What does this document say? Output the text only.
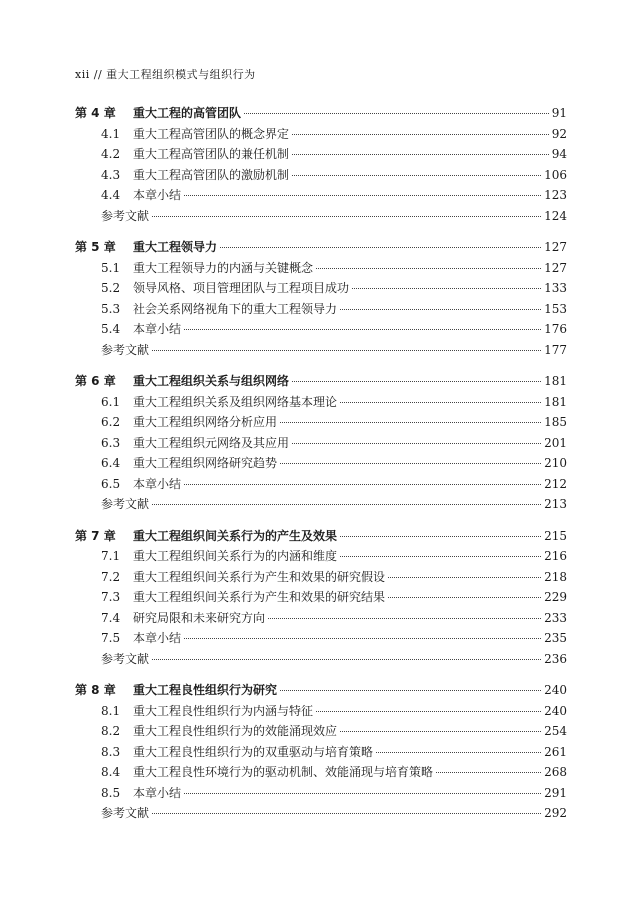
xii // 重大工程组织模式与组织行为
第 4 章	重大工程的高管团队	91
4.1	重大工程高管团队的概念界定	92
4.2	重大工程高管团队的兼任机制	94
4.3	重大工程高管团队的激励机制	106
4.4	本章小结	123
参考文献	124
第 5 章	重大工程领导力	127
5.1	重大工程领导力的内涵与关键概念	127
5.2	领导风格、项目管理团队与工程项目成功	133
5.3	社会关系网络视角下的重大工程领导力	153
5.4	本章小结	176
参考文献	177
第 6 章	重大工程组织关系与组织网络	181
6.1	重大工程组织关系及组织网络基本理论	181
6.2	重大工程组织网络分析应用	185
6.3	重大工程组织元网络及其应用	201
6.4	重大工程组织网络研究趋势	210
6.5	本章小结	212
参考文献	213
第 7 章	重大工程组织间关系行为的产生及效果	215
7.1	重大工程组织间关系行为的内涵和维度	216
7.2	重大工程组织间关系行为产生和效果的研究假设	218
7.3	重大工程组织间关系行为产生和效果的研究结果	229
7.4	研究局限和未来研究方向	233
7.5	本章小结	235
参考文献	236
第 8 章	重大工程良性组织行为研究	240
8.1	重大工程良性组织行为内涵与特征	240
8.2	重大工程良性组织行为的效能涌现效应	254
8.3	重大工程良性组织行为的双重驱动与培育策略	261
8.4	重大工程良性环境行为的驱动机制、效能涌现与培育策略	268
8.5	本章小结	291
参考文献	292
